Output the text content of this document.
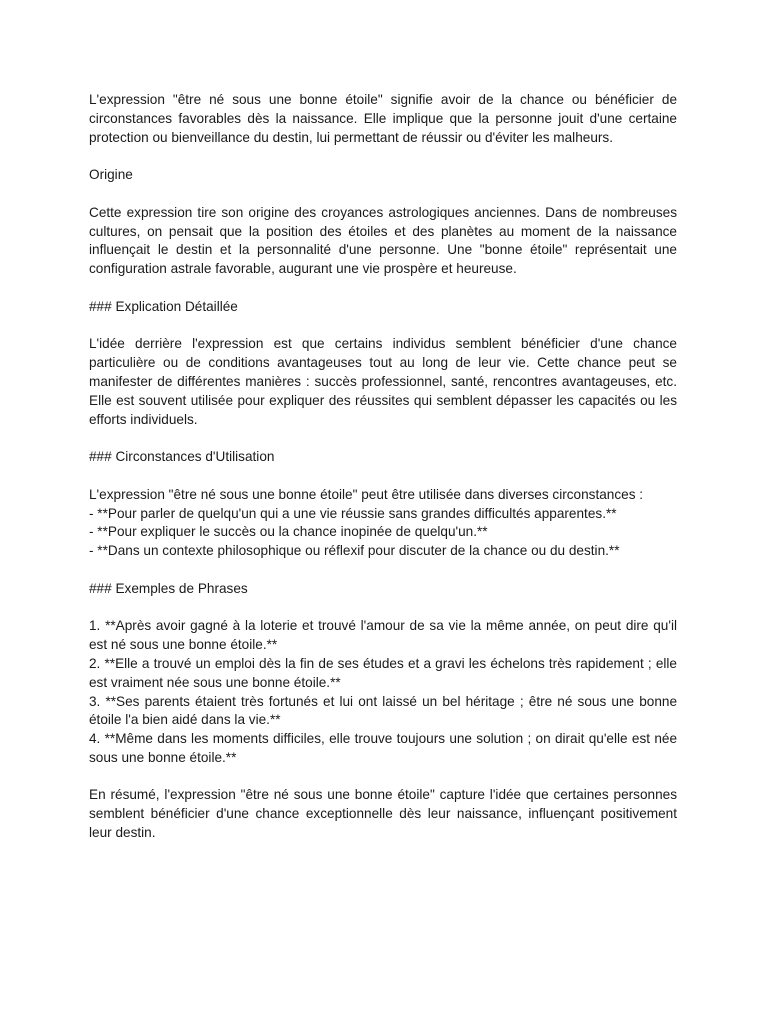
L'expression "être né sous une bonne étoile" signifie avoir de la chance ou bénéficier de circonstances favorables dès la naissance. Elle implique que la personne jouit d'une certaine protection ou bienveillance du destin, lui permettant de réussir ou d'éviter les malheurs.

Origine

Cette expression tire son origine des croyances astrologiques anciennes. Dans de nombreuses cultures, on pensait que la position des étoiles et des planètes au moment de la naissance influençait le destin et la personnalité d'une personne. Une "bonne étoile" représentait une configuration astrale favorable, augurant une vie prospère et heureuse.

### Explication Détaillée

L'idée derrière l'expression est que certains individus semblent bénéficier d'une chance particulière ou de conditions avantageuses tout au long de leur vie. Cette chance peut se manifester de différentes manières : succès professionnel, santé, rencontres avantageuses, etc. Elle est souvent utilisée pour expliquer des réussites qui semblent dépasser les capacités ou les efforts individuels.

### Circonstances d'Utilisation

L'expression "être né sous une bonne étoile" peut être utilisée dans diverses circonstances :
- **Pour parler de quelqu'un qui a une vie réussie sans grandes difficultés apparentes.**
- **Pour expliquer le succès ou la chance inopinée de quelqu'un.**
- **Dans un contexte philosophique ou réflexif pour discuter de la chance ou du destin.**

### Exemples de Phrases

1. **Après avoir gagné à la loterie et trouvé l'amour de sa vie la même année, on peut dire qu'il est né sous une bonne étoile.**
2. **Elle a trouvé un emploi dès la fin de ses études et a gravi les échelons très rapidement ; elle est vraiment née sous une bonne étoile.**
3. **Ses parents étaient très fortunés et lui ont laissé un bel héritage ; être né sous une bonne étoile l'a bien aidé dans la vie.**
4. **Même dans les moments difficiles, elle trouve toujours une solution ; on dirait qu'elle est née sous une bonne étoile.**

En résumé, l'expression "être né sous une bonne étoile" capture l'idée que certaines personnes semblent bénéficier d'une chance exceptionnelle dès leur naissance, influençant positivement leur destin.
